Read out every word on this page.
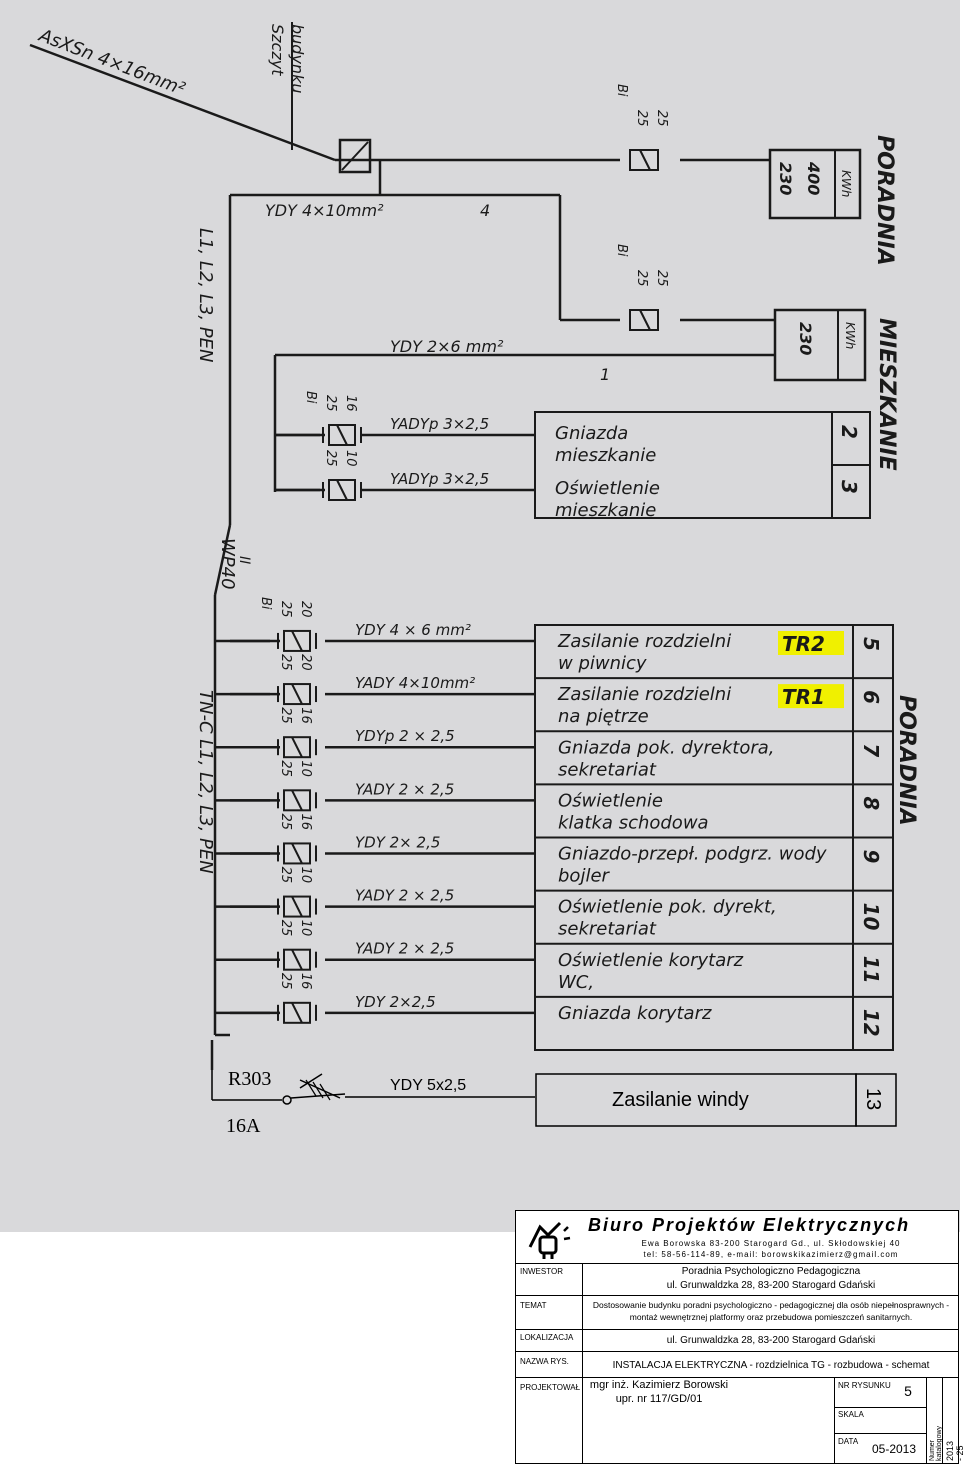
KWh
400
230
Bi
25 25
KWh
230
Bi
25 25
PORADNIA
MIESZKANIE
PORADNIA
AsXSn 4×16mm²	Szczyt budynku
YDY 4×10mm²	4
YDY 2×6 mm²
1
L1, L2, L3, PEN
WP40
II
TN-C L1, L2, L3, PEN
Bi 25 16
YADYp 3×2,5	Gniazda
mieszkanie
2
25 10
YADYp 3×2,5	Oświetlenie
mieszkanie
3
Bi 25 20
YDY 4 × 6 mm²
Zasilanie rozdzielni
w piwnicy
TR2 5
25 20
YADY 4×10mm²
Zasilanie rozdzielni
na piętrze
TR1 6
25 16
YDYp 2 × 2,5
Gniazda pok. dyrektora,
sekretariat
7
25 10
YADY 2 × 2,5
Oświetlenie
klatka schodowa
8
25 16
YDY 2× 2,5
Gniazdo-przepł. podgrz. wody
bojler
9
25 10
YADY 2 × 2,5
Oświetlenie pok. dyrekt,
sekretariat	10
25 10
YADY 2 × 2,5
Oświetlenie korytarz
WC,	11
25 16
YDY 2×2,5
Gniazda korytarz	12
R303
16A
YDY 5x2,5
Zasilanie windy	13
Biuro Projektów Elektrycznych
Ewa Borowska 83-200 Starogard Gd., ul. Skłodowskiej 40
tel: 58-56-114-89, e-mail: borowskikazimierz@gmail.com
INWESTOR	Poradnia Psychologiczno Pedagogiczna
ul. Grunwaldzka 28, 83-200 Starogard Gdański
TEMAT	Dostosowanie budynku poradni psychologiczno - pedagogicznej dla osób niepełnosprawnych -
montaż wewnętrznej platformy oraz przebudowa pomieszczeń sanitarnych.
LOKALIZACJA	ul. Grunwaldzka 28, 83-200 Starogard Gdański
NAZWA RYS.	INSTALACJA ELEKTRYCZNA - rozdzielnica TG - rozbudowa - schemat
PROJEKTOWAŁ mgr inż. Kazimierz Borowski
upr. nr 117/GD/01
NR RYSUNKU 5
SKALA
DATA
05-2013	Numer katalogowy 2013 - 25
